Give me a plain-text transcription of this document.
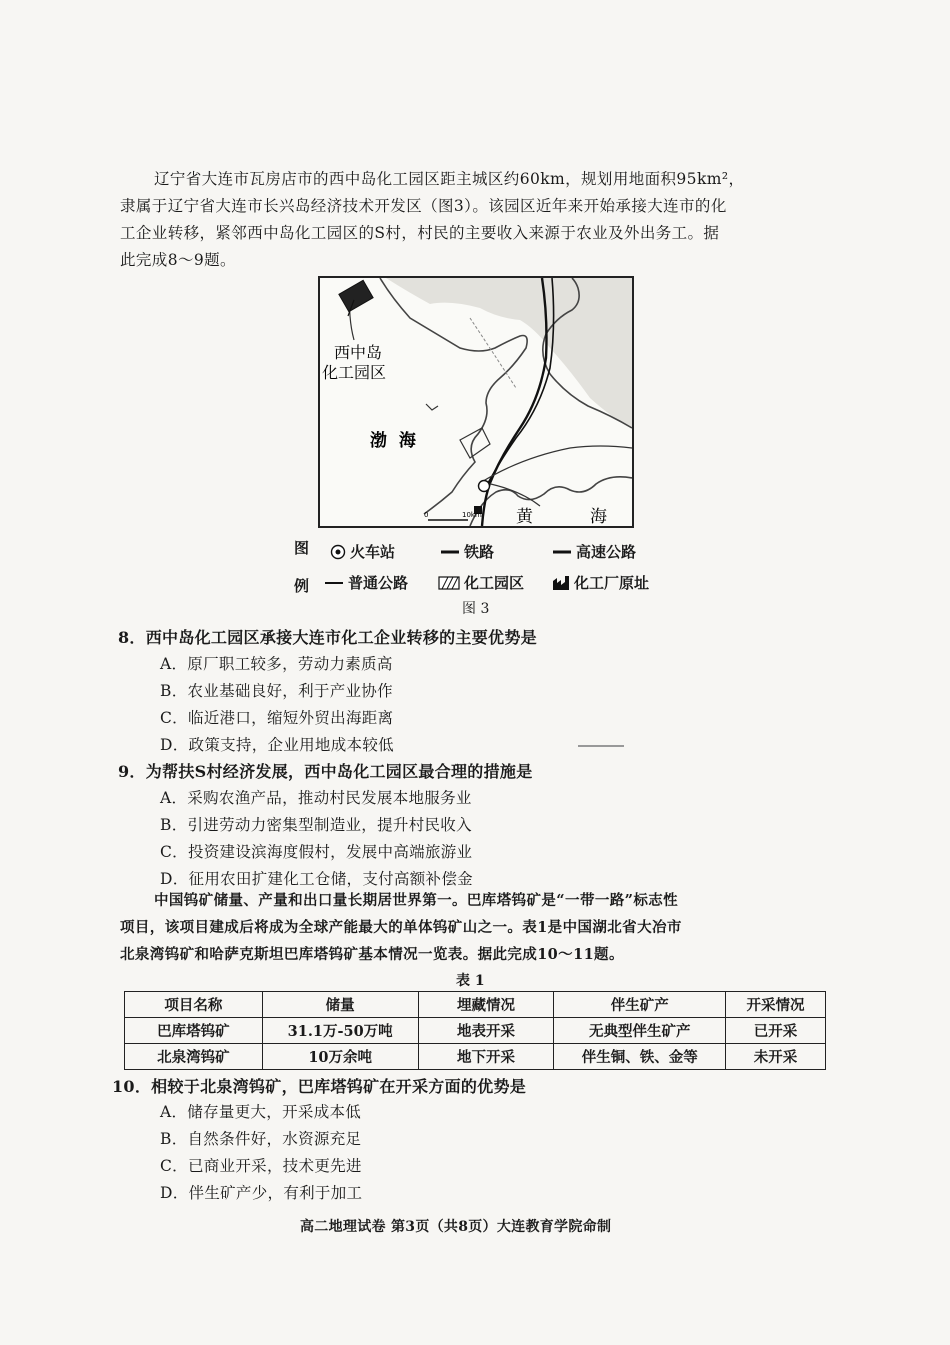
辽宁省大连市瓦房店市的西中岛化工园区距主城区约60km，规划用地面积95km²，
隶属于辽宁省大连市长兴岛经济技术开发区（图3）。该园区近年来开始承接大连市的化
工企业转移，紧邻西中岛化工园区的S村，村民的主要收入来源于农业及外出务工。据
此完成8～9题。
0	10km
西中岛
化工园区
渤  海
黄	海
图
例
火车站	铁路	高速公路
普通公路	化工园区	化工厂原址
图 3
8．西中岛化工园区承接大连市化工企业转移的主要优势是
A．原厂职工较多，劳动力素质高
B．农业基础良好，利于产业协作
C．临近港口，缩短外贸出海距离
D．政策支持，企业用地成本较低
9．为帮扶S村经济发展，西中岛化工园区最合理的措施是
A．采购农渔产品，推动村民发展本地服务业
B．引进劳动力密集型制造业，提升村民收入
C．投资建设滨海度假村，发展中高端旅游业
D．征用农田扩建化工仓储，支付高额补偿金
中国钨矿储量、产量和出口量长期居世界第一。巴库塔钨矿是“一带一路”标志性
项目，该项目建成后将成为全球产能最大的单体钨矿山之一。表1是中国湖北省大冶市
北泉湾钨矿和哈萨克斯坦巴库塔钨矿基本情况一览表。据此完成10～11题。
表 1
项目名称	储量	埋藏情况	伴生矿产	开采情况
巴库塔钨矿	31.1万-50万吨	地表开采	无典型伴生矿产	已开采
北泉湾钨矿	10万余吨	地下开采	伴生铜、铁、金等	未开采
10．相较于北泉湾钨矿，巴库塔钨矿在开采方面的优势是
A．储存量更大，开采成本低
B．自然条件好，水资源充足
C．已商业开采，技术更先进
D．伴生矿产少，有利于加工
高二地理试卷 第3页（共8页）大连教育学院命制
